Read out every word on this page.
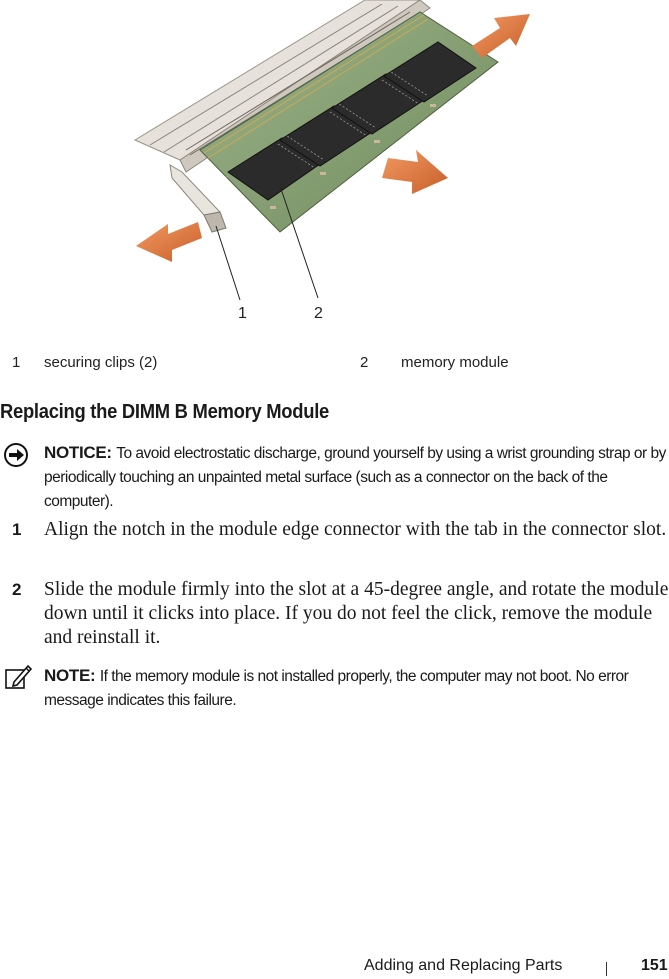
1	2
1 securing clips (2)	2 memory module
Replacing the DIMM B Memory Module
NOTICE: To avoid electrostatic discharge, ground yourself by using a wrist grounding strap or by periodically touching an unpainted metal surface (such as a connector on the back of the computer).
1 Align the notch in the module edge connector with the tab in the connector slot.
2 Slide the module firmly into the slot at a 45-degree angle, and rotate the module down until it clicks into place. If you do not feel the click, remove the module and reinstall it.
NOTE: If the memory module is not installed properly, the computer may not boot. No error message indicates this failure.
Adding and Replacing Parts	151
